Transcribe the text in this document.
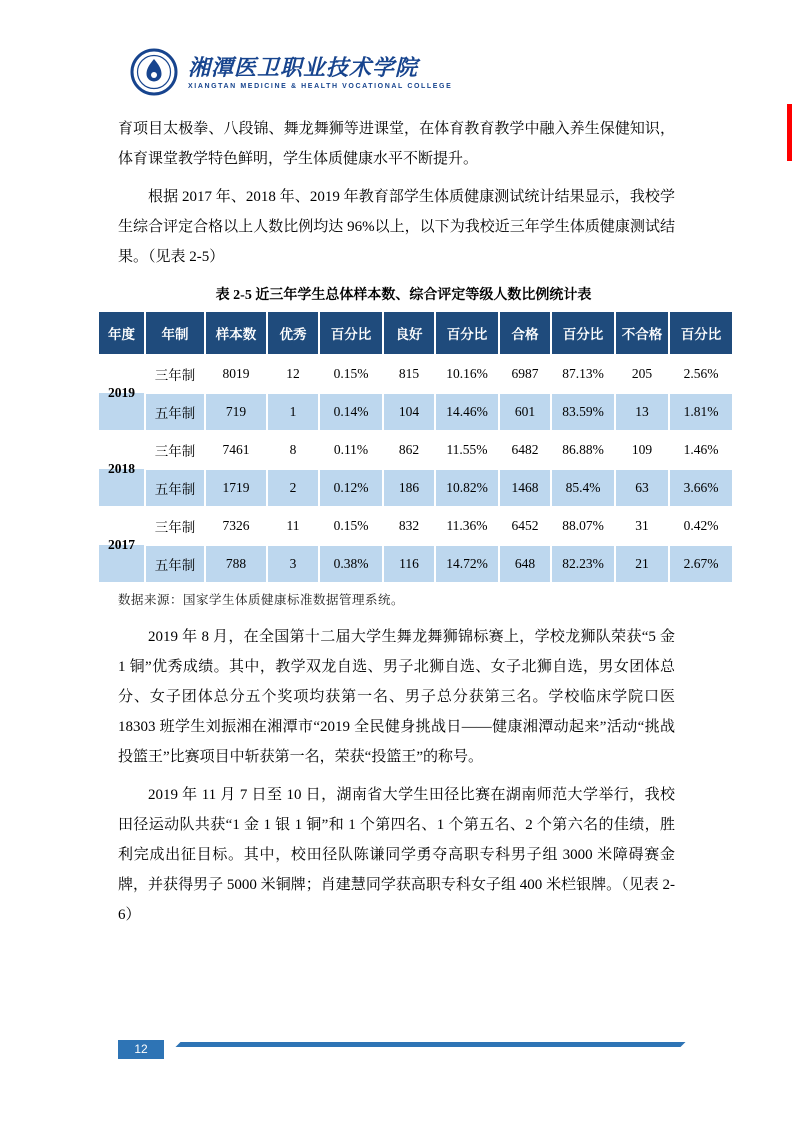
湘潭医卫职业技术学院
XIANGTAN MEDICINE & HEALTH VOCATIONAL COLLEGE

育项目太极拳、八段锦、舞龙舞狮等进课堂，在体育教育教学中融入养生保健知识，体育课堂教学特色鲜明，学生体质健康水平不断提升。

根据 2017 年、2018 年、2019 年教育部学生体质健康测试统计结果显示，我校学生综合评定合格以上人数比例均达 96%以上，以下为我校近三年学生体质健康测试结果。（见表 2-5）

表 2-5 近三年学生总体样本数、综合评定等级人数比例统计表
年度	年制	样本数	优秀	百分比	良好	百分比	合格	百分比	不合格	百分比
2019	三年制	8019	12	0.15%	815	10.16%	6987	87.13%	205	2.56%
	五年制	719	1	0.14%	104	14.46%	601	83.59%	13	1.81%
2018	三年制	7461	8	0.11%	862	11.55%	6482	86.88%	109	1.46%
	五年制	1719	2	0.12%	186	10.82%	1468	85.4%	63	3.66%
2017	三年制	7326	11	0.15%	832	11.36%	6452	88.07%	31	0.42%
	五年制	788	3	0.38%	116	14.72%	648	82.23%	21	2.67%
数据来源：国家学生体质健康标准数据管理系统。

2019 年 8 月，在全国第十二届大学生舞龙舞狮锦标赛上，学校龙狮队荣获“5 金 1 铜”优秀成绩。其中，教学双龙自选、男子北狮自选、女子北狮自选，男女团体总分、女子团体总分五个奖项均获第一名、男子总分获第三名。学校临床学院口医 18303 班学生刘振湘在湘潭市“2019 全民健身挑战日——健康湘潭动起来”活动“挑战投篮王”比赛项目中斩获第一名，荣获“投篮王”的称号。

2019 年 11 月 7 日至 10 日，湖南省大学生田径比赛在湖南师范大学举行，我校田径运动队共获“1 金 1 银 1 铜”和 1 个第四名、1 个第五名、2 个第六名的佳绩，胜利完成出征目标。其中，校田径队陈谦同学勇夺高职专科男子组 3000 米障碍赛金牌，并获得男子 5000 米铜牌；肖建慧同学获高职专科女子组 400 米栏银牌。（见表 2-6）

12
